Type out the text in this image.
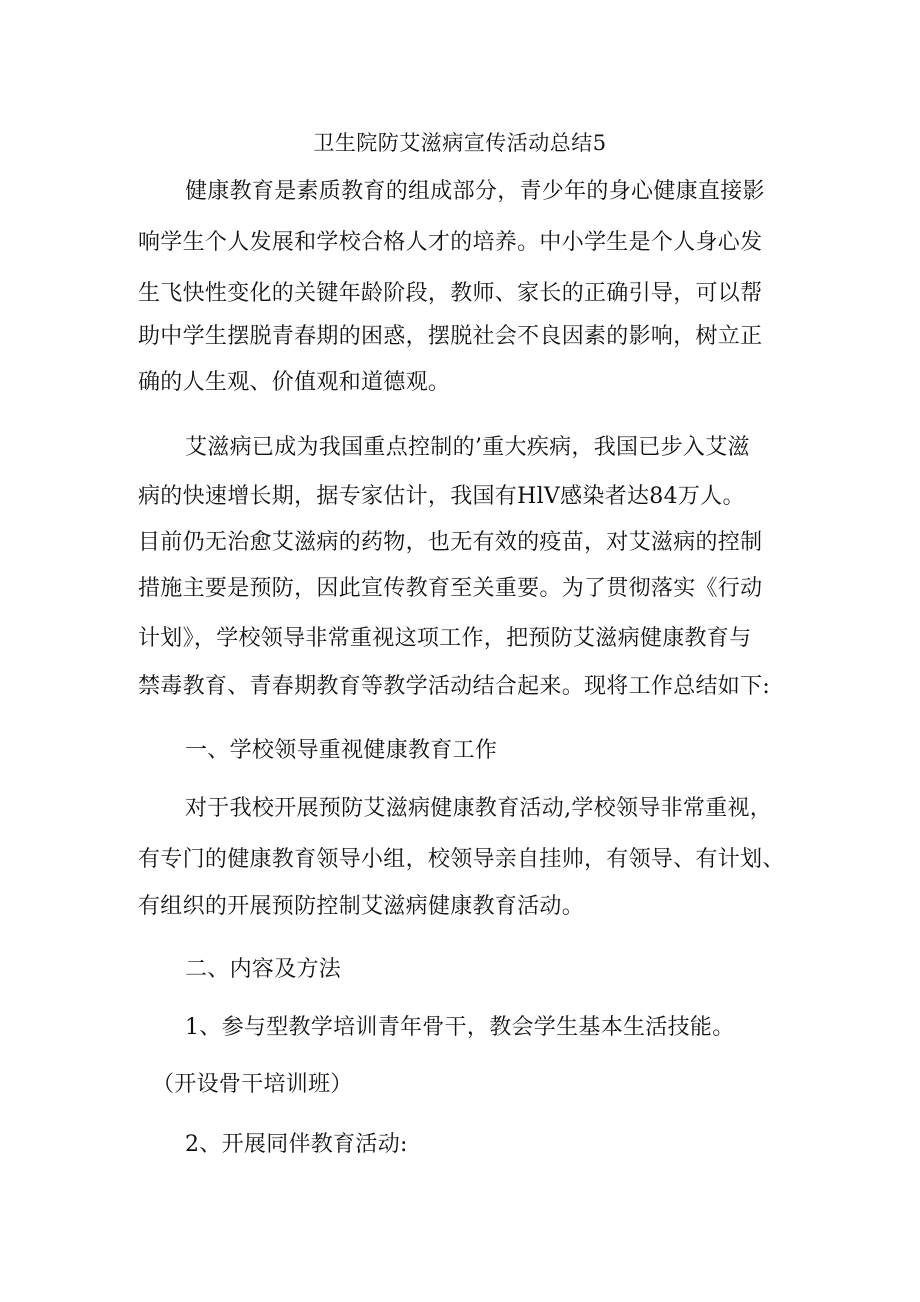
卫生院防艾滋病宣传活动总结5
健康教育是素质教育的组成部分，青少年的身心健康直接影
响学生个人发展和学校合格人才的培养。中小学生是个人身心发
生飞快性变化的关键年龄阶段，教师、家长的正确引导，可以帮
助中学生摆脱青春期的困惑，摆脱社会不良因素的影响，树立正
确的人生观、价值观和道德观。
艾滋病已成为我国重点控制的’重大疾病，我国已步入艾滋
病的快速增长期，据专家估计，我国有HlV感染者达84万人。
目前仍无治愈艾滋病的药物，也无有效的疫苗，对艾滋病的控制
措施主要是预防，因此宣传教育至关重要。为了贯彻落实《行动
计划》，学校领导非常重视这项工作，把预防艾滋病健康教育与
禁毒教育、青春期教育等教学活动结合起来。现将工作总结如下:
一、学校领导重视健康教育工作
对于我校开展预防艾滋病健康教育活动,学校领导非常重视，
有专门的健康教育领导小组，校领导亲自挂帅，有领导、有计划、
有组织的开展预防控制艾滋病健康教育活动。
二、内容及方法
1、参与型教学培训青年骨干，教会学生基本生活技能。
（开设骨干培训班）
2、开展同伴教育活动:
